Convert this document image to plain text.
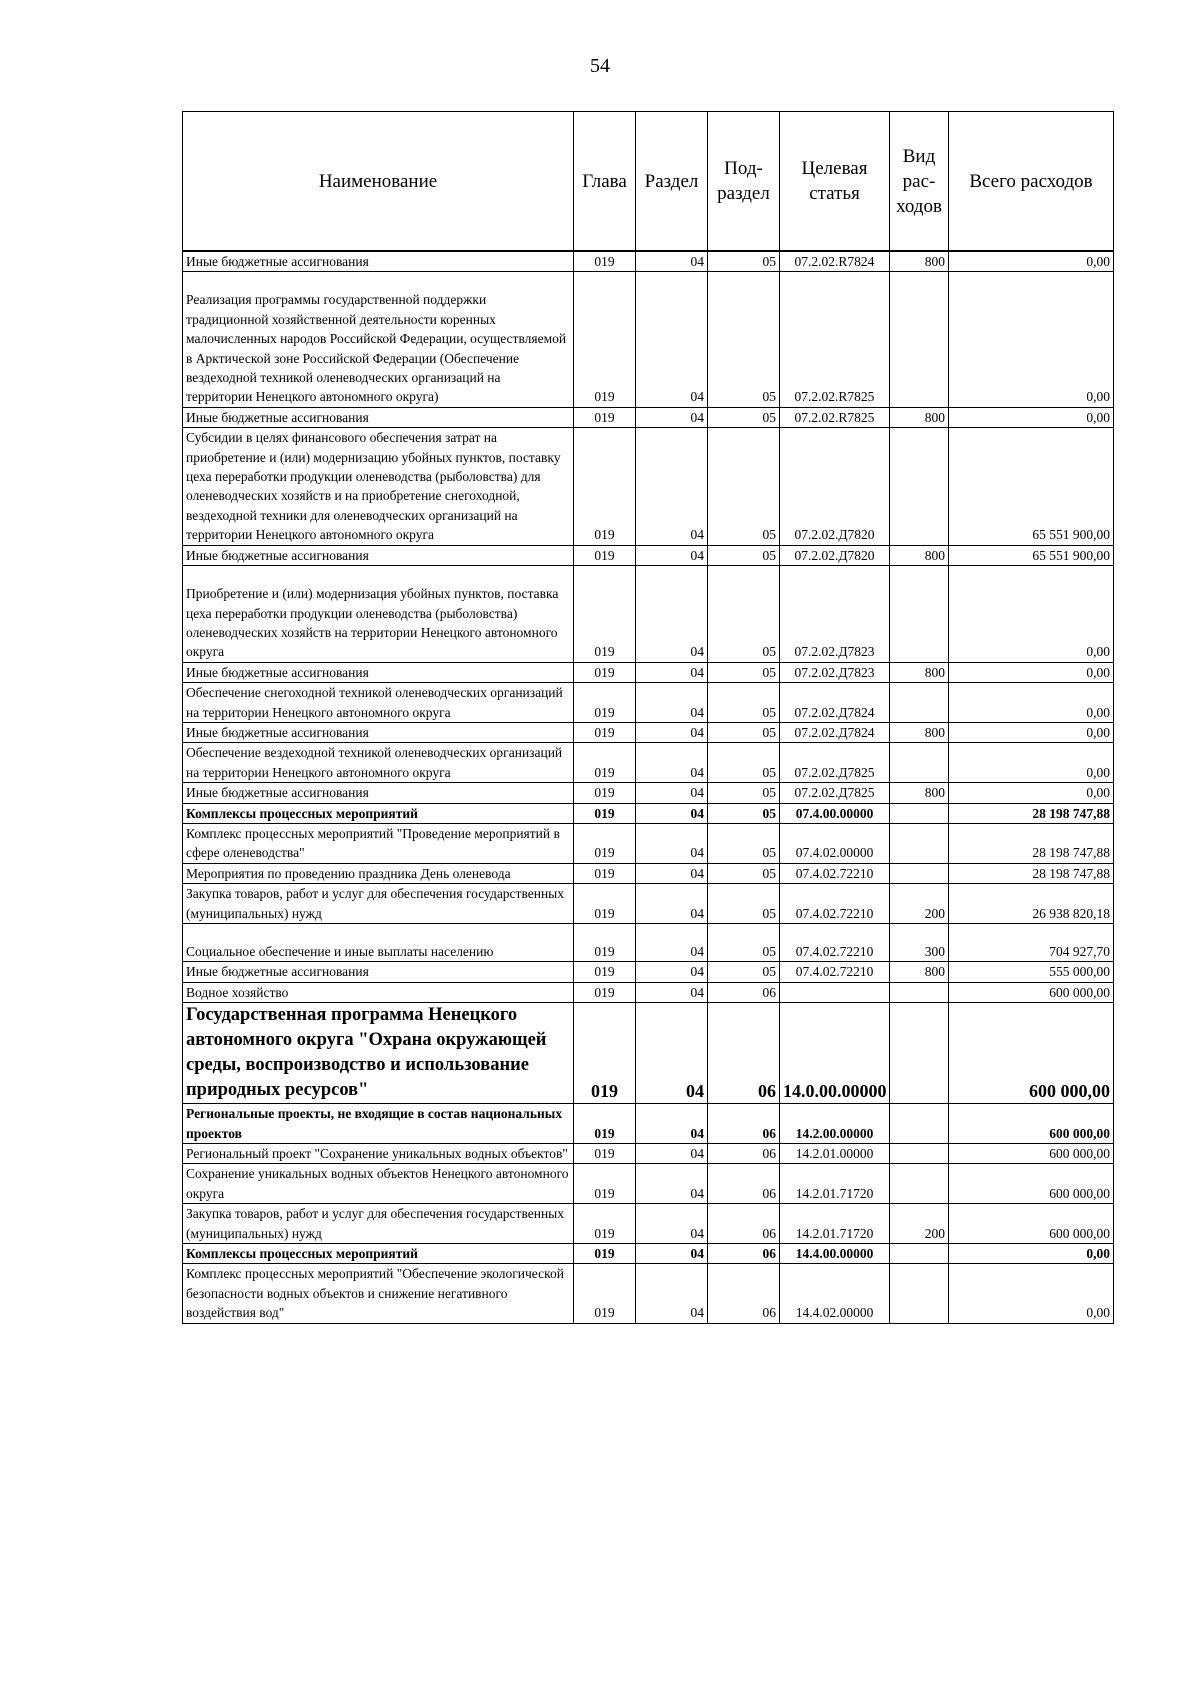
54
Наименование	Глава	Раздел	Под-раздел	Целевая статья	Вид рас-ходов	Всего расходов
Иные бюджетные ассигнования	019	04	05	07.2.02.R7824	800	0,00
Реализация программы государственной поддержки традиционной хозяйственной деятельности коренных малочисленных народов Российской Федерации, осуществляемой в Арктической зоне Российской Федерации (Обеспечение вездеходной техникой оленеводческих организаций на территории Ненецкого автономного округа)	019	04	05	07.2.02.R7825		0,00
Иные бюджетные ассигнования	019	04	05	07.2.02.R7825	800	0,00
Субсидии в целях финансового обеспечения затрат на приобретение и (или) модернизацию убойных пунктов, поставку цеха переработки продукции оленеводства (рыболовства) для оленеводческих хозяйств и на приобретение снегоходной, вездеходной техники для оленеводческих организаций на территории Ненецкого автономного округа	019	04	05	07.2.02.Д7820		65 551 900,00
Иные бюджетные ассигнования	019	04	05	07.2.02.Д7820	800	65 551 900,00
Приобретение и (или) модернизация убойных пунктов, поставка цеха переработки продукции оленеводства (рыболовства) оленеводческих хозяйств на территории Ненецкого автономного округа	019	04	05	07.2.02.Д7823		0,00
Иные бюджетные ассигнования	019	04	05	07.2.02.Д7823	800	0,00
Обеспечение снегоходной техникой оленеводческих организаций на территории Ненецкого автономного округа	019	04	05	07.2.02.Д7824		0,00
Иные бюджетные ассигнования	019	04	05	07.2.02.Д7824	800	0,00
Обеспечение вездеходной техникой оленеводческих организаций на территории Ненецкого автономного округа	019	04	05	07.2.02.Д7825		0,00
Иные бюджетные ассигнования	019	04	05	07.2.02.Д7825	800	0,00
Комплексы процессных мероприятий	019	04	05	07.4.00.00000		28 198 747,88
Комплекс процессных мероприятий "Проведение мероприятий в сфере оленеводства"	019	04	05	07.4.02.00000		28 198 747,88
Мероприятия по проведению праздника День оленевода	019	04	05	07.4.02.72210		28 198 747,88
Закупка товаров, работ и услуг для обеспечения государственных (муниципальных) нужд	019	04	05	07.4.02.72210	200	26 938 820,18
Социальное обеспечение и иные выплаты населению	019	04	05	07.4.02.72210	300	704 927,70
Иные бюджетные ассигнования	019	04	05	07.4.02.72210	800	555 000,00
Водное хозяйство	019	04	06			600 000,00
Государственная программа Ненецкого автономного округа "Охрана окружающей среды, воспроизводство и использование природных ресурсов"	019	04	06	14.0.00.00000		600 000,00
Региональные проекты, не входящие в состав национальных проектов	019	04	06	14.2.00.00000		600 000,00
Региональный проект "Сохранение уникальных водных объектов"	019	04	06	14.2.01.00000		600 000,00
Сохранение уникальных водных объектов Ненецкого автономного округа	019	04	06	14.2.01.71720		600 000,00
Закупка товаров, работ и услуг для обеспечения государственных (муниципальных) нужд	019	04	06	14.2.01.71720	200	600 000,00
Комплексы процессных мероприятий	019	04	06	14.4.00.00000		0,00
Комплекс процессных мероприятий "Обеспечение экологической безопасности водных объектов и снижение негативного воздействия вод"	019	04	06	14.4.02.00000		0,00
